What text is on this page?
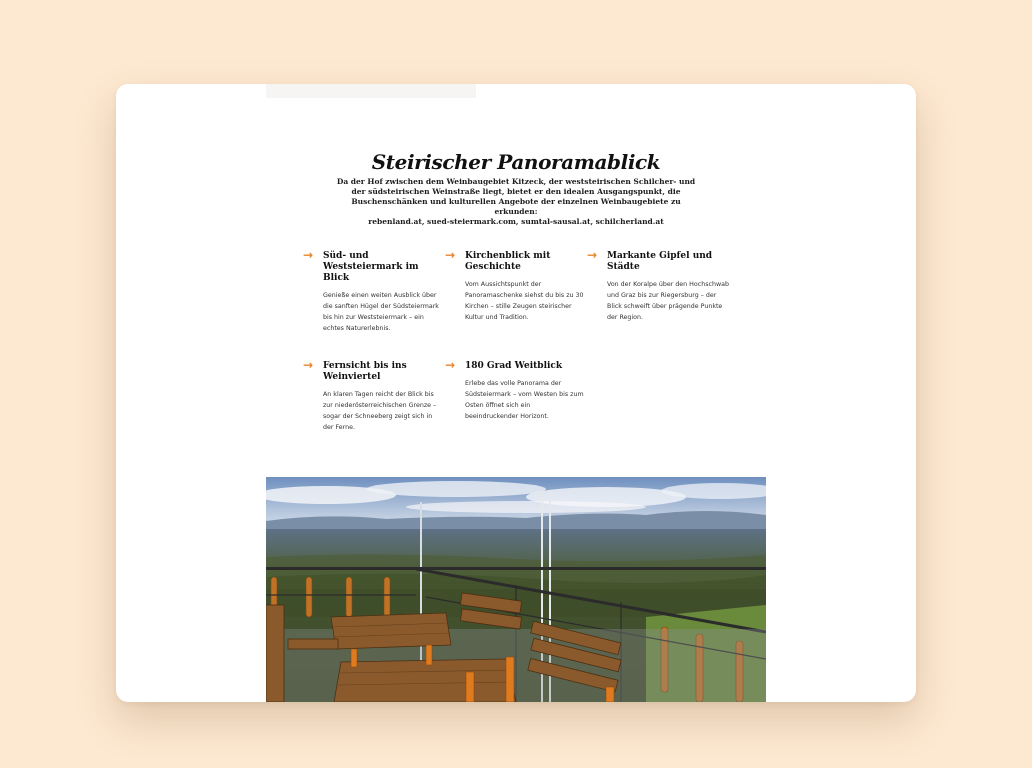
Steirischer Panoramablick

Da der Hof zwischen dem Weinbaugebiet Kitzeck, der weststeirischen Schilcher- und der südsteirischen Weinstraße liegt, bietet er den idealen Ausgangspunkt, die Buschenschänken und kulturellen Angebote der einzelnen Weinbaugebiete zu erkunden:

rebenland.at, sued-steiermark.com, sumtal-sausal.at, schilcherland.at

→ Süd- und Weststeiermark im Blick

Genieße einen weiten Ausblick über die sanften Hügel der Südsteiermark bis hin zur Weststeiermark – ein echtes Naturerlebnis.

→ Kirchenblick mit Geschichte

Vom Aussichtspunkt der Panoramaschenke siehst du bis zu 30 Kirchen – stille Zeugen steirischer Kultur und Tradition.

→ Markante Gipfel und Städte

Von der Koralpe über den Hochschwab und Graz bis zur Riegersburg – der Blick schweift über prägende Punkte der Region.

→ Fernsicht bis ins Weinviertel

An klaren Tagen reicht der Blick bis zur niederösterreichischen Grenze – sogar der Schneeberg zeigt sich in der Ferne.

→ 180 Grad Weitblick

Erlebe das volle Panorama der Südsteiermark – vom Westen bis zum Osten öffnet sich ein beeindruckender Horizont.
